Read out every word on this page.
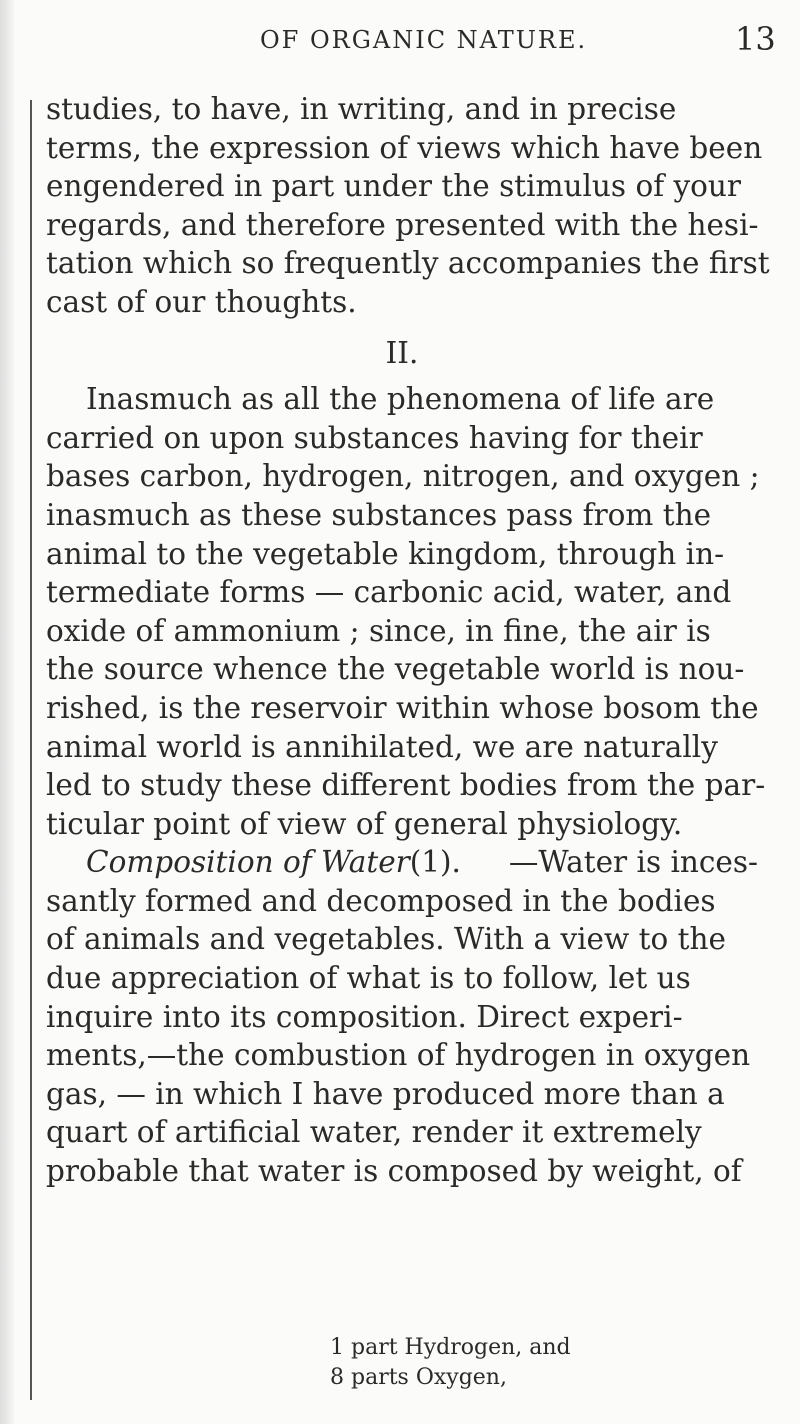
OF ORGANIC NATURE.	13
studies, to have, in writing, and in precise
terms, the expression of views which have been
engendered in part under the stimulus of your
regards, and therefore presented with the hesi-
tation which so frequently accompanies the first
cast of our thoughts.
II.
Inasmuch as all the phenomena of life are
carried on upon substances having for their
bases carbon, hydrogen, nitrogen, and oxygen ;
inasmuch as these substances pass from the
animal to the vegetable kingdom, through in-
termediate forms — carbonic acid, water, and
oxide of ammonium ; since, in fine, the air is
the source whence the vegetable world is nou-
rished, is the reservoir within whose bosom the
animal world is annihilated, we are naturally
led to study these different bodies from the par-
ticular point of view of general physiology.
Composition of Water (1). —Water is inces-
santly formed and decomposed in the bodies
of animals and vegetables. With a view to the
due appreciation of what is to follow, let us
inquire into its composition. Direct experi-
ments,—the combustion of hydrogen in oxygen
gas, — in which I have produced more than a
quart of artificial water, render it extremely
probable that water is composed by weight, of
1 part Hydrogen, and
8 parts Oxygen,
